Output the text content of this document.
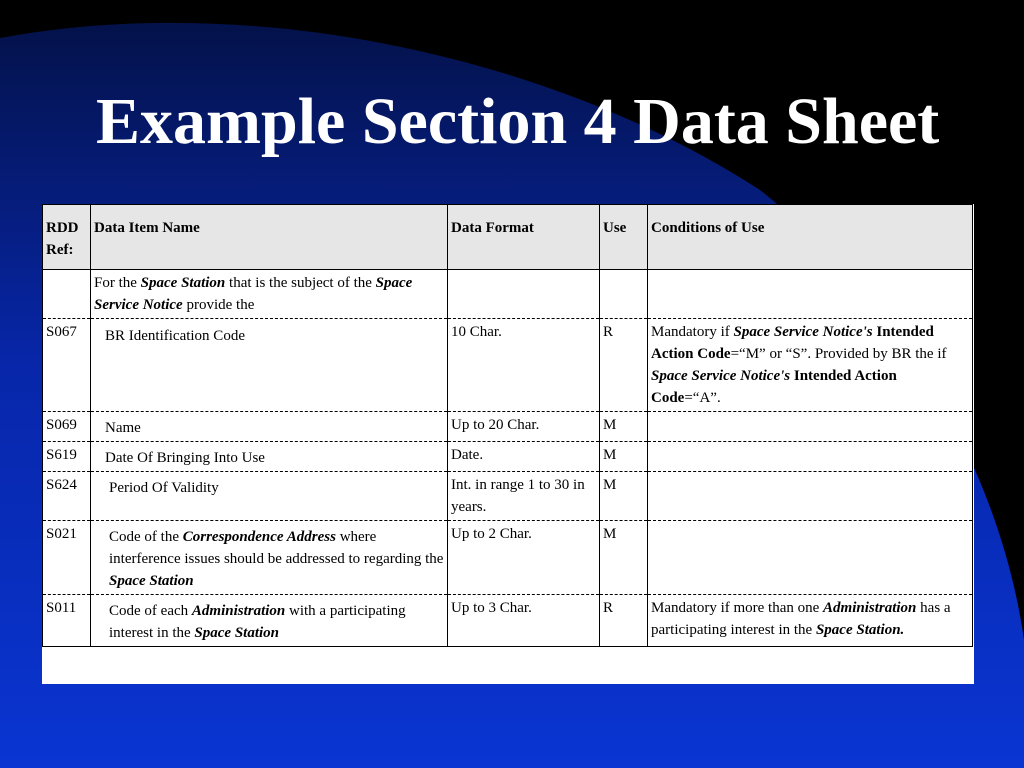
Example Section 4 Data Sheet
RDD Ref:	Data Item Name	Data Format	Use	Conditions of Use
	For the Space Station that is the subject of the Space Service Notice provide the			
S067	BR Identification Code	10 Char.	R	Mandatory if Space Service Notice's Intended Action Code=“M” or “S”. Provided by BR the if Space Service Notice's Intended Action Code=“A”.
S069	Name	Up to 20 Char.	M	
S619	Date Of Bringing Into Use	Date.	M	
S624	Period Of Validity	Int. in range 1 to 30 in years.	M	
S021	Code of the Correspondence Address where interference issues should be addressed to regarding the Space Station	Up to 2 Char.	M	
S011	Code of each Administration with a participating interest in the Space Station	Up to 3 Char.	R	Mandatory if more than one Administration has a participating interest in the Space Station.
